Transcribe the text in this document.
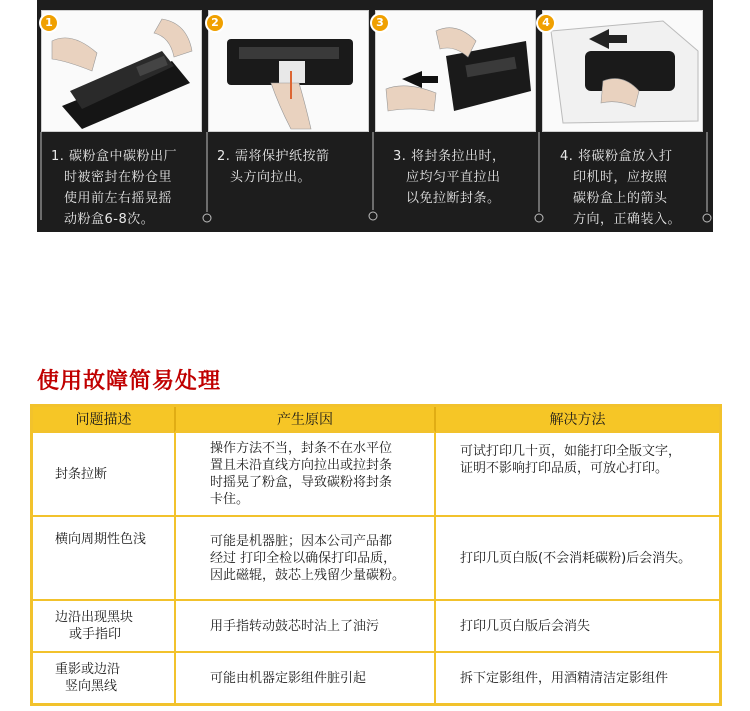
1	2	3	4
1. 碳粉盒中碳粉出厂
时被密封在粉仓里
使用前左右摇晃摇
动粉盒6-8次。
2. 需将保护纸按箭
头方向拉出。
3. 将封条拉出时，
应均匀平直拉出
以免拉断封条。
4. 将碳粉盒放入打
印机时，应按照
碳粉盒上的箭头
方向，正确装入。
使用故障简易处理
问题描述	产生原因	解决方法

封条拉断	操作方法不当，封条不在水平位
置且未沿直线方向拉出或拉封条
时摇晃了粉盒，导致碳粉将封条
卡住。	可试打印几十页，如能打印全版文字，
证明不影响打印品质，可放心打印。

横向周期性色浅	可能是机器脏；因本公司产品都
经过 打印全检以确保打印品质，
因此磁辊，鼓芯上残留少量碳粉。	打印几页白版(不会消耗碳粉)后会消失。

边沿出现黑块
或手指印	用手指转动鼓芯时沾上了油污	打印几页白版后会消失

重影或边沿
竖向黑线	可能由机器定影组件脏引起	拆下定影组件，用酒精清洁定影组件
